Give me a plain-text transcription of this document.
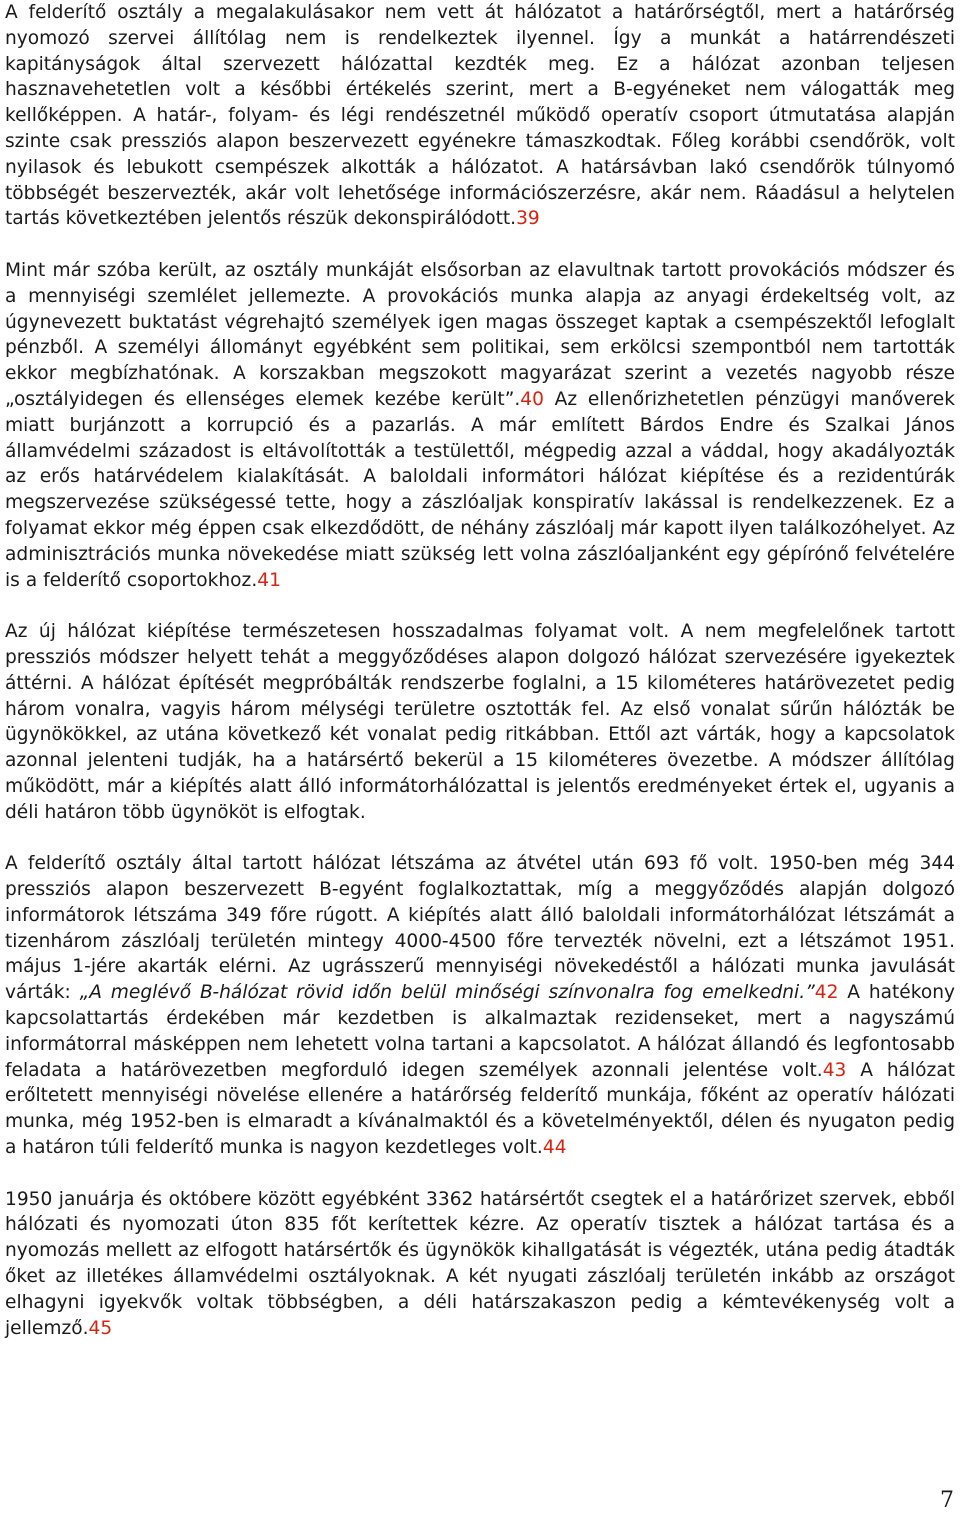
A felderítő osztály a megalakulásakor nem vett át hálózatot a határőrségtől, mert a határőrség nyomozó szervei állítólag nem is rendelkeztek ilyennel. Így a munkát a határrendészeti kapitányságok által szervezett hálózattal kezdték meg. Ez a hálózat azonban teljesen hasznavehetetlen volt a későbbi értékelés szerint, mert a B-egyéneket nem válogatták meg kellőképpen. A határ-, folyam- és légi rendészetnél működő operatív csoport útmutatása alapján szinte csak pressziós alapon beszervezett egyénekre támaszkodtak. Főleg korábbi csendőrök, volt nyilasok és lebukott csempészek alkották a hálózatot. A határsávban lakó csendőrök túlnyomó többségét beszervezték, akár volt lehetősége információszerzésre, akár nem. Ráadásul a helytelen tartás következtében jelentős részük dekonspirálódott.39

Mint már szóba került, az osztály munkáját elsősorban az elavultnak tartott provokációs módszer és a mennyiségi szemlélet jellemezte. A provokációs munka alapja az anyagi érdekeltség volt, az úgynevezett buktatást végrehajtó személyek igen magas összeget kaptak a csempészektől lefoglalt pénzből. A személyi állományt egyébként sem politikai, sem erkölcsi szempontból nem tartották ekkor megbízhatónak. A korszakban megszokott magyarázat szerint a vezetés nagyobb része „osztályidegen és ellenséges elemek kezébe került”.40 Az ellenőrizhetetlen pénzügyi manőverek miatt burjánzott a korrupció és a pazarlás. A már említett Bárdos Endre és Szalkai János államvédelmi századost is eltávolították a testülettől, mégpedig azzal a váddal, hogy akadályozták az erős határvédelem kialakítását. A baloldali informátori hálózat kiépítése és a rezidentúrák megszervezése szükségessé tette, hogy a zászlóaljak konspiratív lakással is rendelkezzenek. Ez a folyamat ekkor még éppen csak elkezdődött, de néhány zászlóalj már kapott ilyen találkozóhelyet. Az adminisztrációs munka növekedése miatt szükség lett volna zászlóaljanként egy gépírónő felvételére is a felderítő csoportokhoz.41

Az új hálózat kiépítése természetesen hosszadalmas folyamat volt. A nem megfelelőnek tartott pressziós módszer helyett tehát a meggyőződéses alapon dolgozó hálózat szervezésére igyekeztek áttérni. A hálózat építését megpróbálták rendszerbe foglalni, a 15 kilométeres határövezetet pedig három vonalra, vagyis három mélységi területre osztották fel. Az első vonalat sűrűn hálózták be ügynökökkel, az utána következő két vonalat pedig ritkábban. Ettől azt várták, hogy a kapcsolatok azonnal jelenteni tudják, ha a határsértő bekerül a 15 kilométeres övezetbe. A módszer állítólag működött, már a kiépítés alatt álló informátorhálózattal is jelentős eredményeket értek el, ugyanis a déli határon több ügynököt is elfogtak.

A felderítő osztály által tartott hálózat létszáma az átvétel után 693 fő volt. 1950-ben még 344 pressziós alapon beszervezett B-egyént foglalkoztattak, míg a meggyőződés alapján dolgozó informátorok létszáma 349 főre rúgott. A kiépítés alatt álló baloldali informátorhálózat létszámát a tizenhárom zászlóalj területén mintegy 4000-4500 főre tervezték növelni, ezt a létszámot 1951. május 1-jére akarták elérni. Az ugrásszerű mennyiségi növekedéstől a hálózati munka javulását várták: „A meglévő B-hálózat rövid időn belül minőségi színvonalra fog emelkedni.”42 A hatékony kapcsolattartás érdekében már kezdetben is alkalmaztak rezidenseket, mert a nagyszámú informátorral másképpen nem lehetett volna tartani a kapcsolatot. A hálózat állandó és legfontosabb feladata a határövezetben megforduló idegen személyek azonnali jelentése volt.43 A hálózat erőltetett mennyiségi növelése ellenére a határőrség felderítő munkája, főként az operatív hálózati munka, még 1952-ben is elmaradt a kívánalmaktól és a követelményektől, délen és nyugaton pedig a határon túli felderítő munka is nagyon kezdetleges volt.44

1950 januárja és októbere között egyébként 3362 határsértőt csegtek el a határőrizet szervek, ebből hálózati és nyomozati úton 835 főt kerítettek kézre. Az operatív tisztek a hálózat tartása és a nyomozás mellett az elfogott határsértők és ügynökök kihallgatását is végezték, utána pedig átadták őket az illetékes államvédelmi osztályoknak. A két nyugati zászlóalj területén inkább az országot elhagyni igyekvők voltak többségben, a déli határszakaszon pedig a kémtevékenység volt a jellemző.45

7
